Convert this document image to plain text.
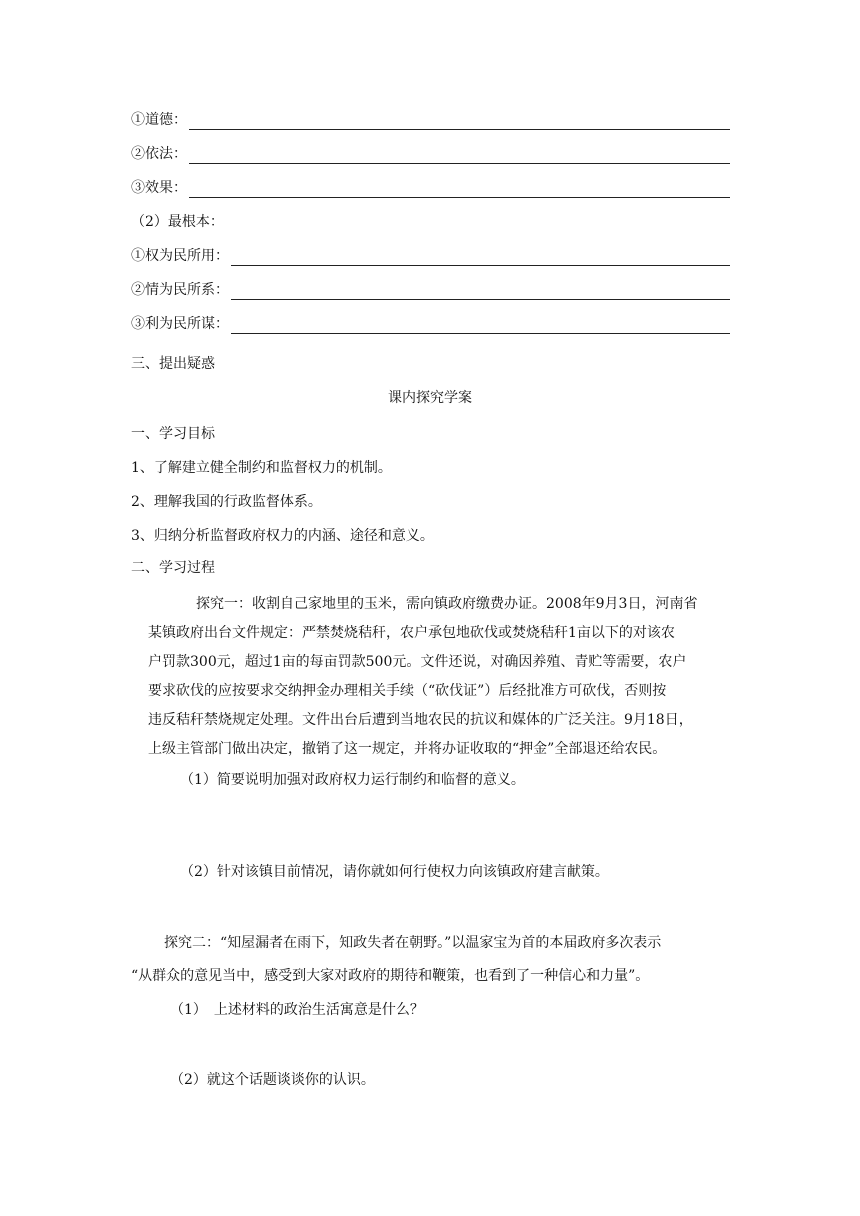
①道德：
②依法：
③效果：
（2）最根本：
①权为民所用：
②情为民所系：
③利为民所谋：
三、提出疑惑
课内探究学案
一、学习目标
1、了解建立健全制约和监督权力的机制。
2、理解我国的行政监督体系。
3、归纳分析监督政府权力的内涵、途径和意义。
二、学习过程
探究一：收割自己家地里的玉米，需向镇政府缴费办证。2008年9月3日，河南省
某镇政府出台文件规定：严禁焚烧秸秆，农户承包地砍伐或焚烧秸秆1亩以下的对该农
户罚款300元，超过1亩的每亩罚款500元。文件还说，对确因养殖、青贮等需要，农户
要求砍伐的应按要求交纳押金办理相关手续（“砍伐证”）后经批准方可砍伐，否则按
违反秸秆禁烧规定处理。文件出台后遭到当地农民的抗议和媒体的广泛关注。9月18日，
上级主管部门做出决定，撤销了这一规定，并将办证收取的“押金”全部退还给农民。
（1）简要说明加强对政府权力运行制约和临督的意义。
（2）针对该镇目前情况，请你就如何行使权力向该镇政府建言献策。
探究二：“知屋漏者在雨下，知政失者在朝野。”以温家宝为首的本届政府多次表示
“从群众的意见当中，感受到大家对政府的期待和鞭策，也看到了一种信心和力量”。
（1）　上述材料的政治生活寓意是什么？
（2）就这个话题谈谈你的认识。
